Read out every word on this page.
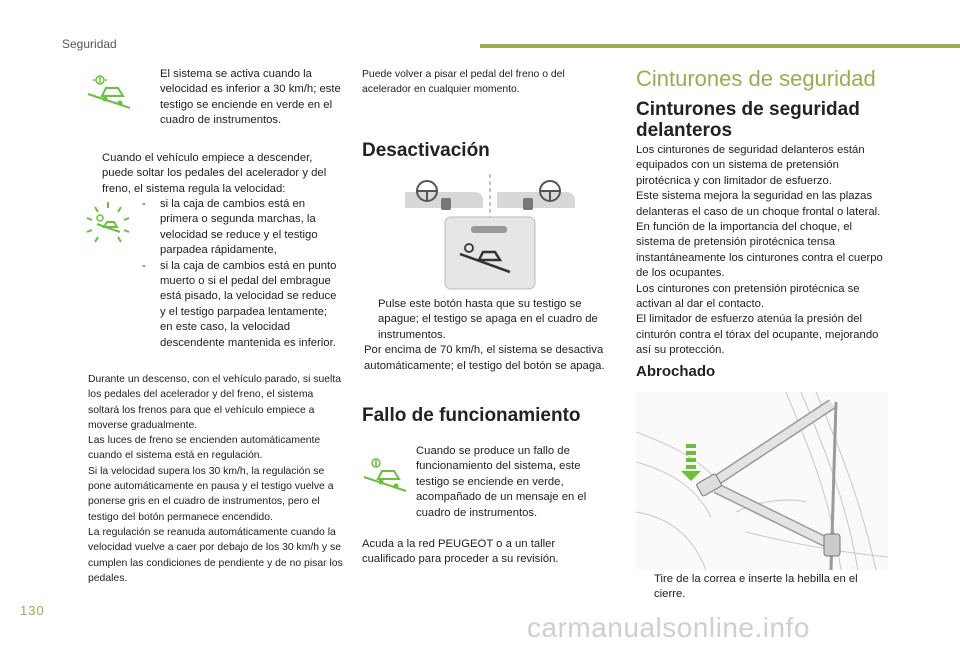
Seguridad

El sistema se activa cuando la velocidad es inferior a 30 km/h; este testigo se enciende en verde en el cuadro de instrumentos.

Cuando el vehículo empiece a descender, puede soltar los pedales del acelerador y del freno, el sistema regula la velocidad:

-	si la caja de cambios está en primera o segunda marchas, la velocidad se reduce y el testigo parpadea rápidamente,

-	si la caja de cambios está en punto muerto o si el pedal del embrague está pisado, la velocidad se reduce y el testigo parpadea lentamente; en este caso, la velocidad descendente mantenida es inferior.

Durante un descenso, con el vehículo parado, si suelta los pedales del acelerador y del freno, el sistema soltará los frenos para que el vehículo empiece a moverse gradualmente.

Las luces de freno se encienden automáticamente cuando el sistema está en regulación.

Si la velocidad supera los 30 km/h, la regulación se pone automáticamente en pausa y el testigo vuelve a ponerse gris en el cuadro de instrumentos, pero el testigo del botón permanece encendido.

La regulación se reanuda automáticamente cuando la velocidad vuelve a caer por debajo de los 30 km/h y se cumplen las condiciones de pendiente y de no pisar los pedales.

Puede volver a pisar el pedal del freno o del acelerador en cualquier momento.
Desactivación

Pulse este botón hasta que su testigo se apague; el testigo se apaga en el cuadro de instrumentos.

Por encima de 70 km/h, el sistema se desactiva automáticamente; el testigo del botón se apaga.

Fallo de funcionamiento
Cuando se produce un fallo de funcionamiento del sistema, este testigo se enciende en verde, acompañado de un mensaje en el cuadro de instrumentos.
Acuda a la red PEUGEOT o a un taller cualificado para proceder a su revisión.
Cinturones de seguridad
Cinturones de seguridad delanteros

Los cinturones de seguridad delanteros están equipados con un sistema de pretensión pirotécnica y con limitador de esfuerzo.

Este sistema mejora la seguridad en las plazas delanteras el caso de un choque frontal o lateral. En función de la importancia del choque, el sistema de pretensión pirotécnica tensa instantáneamente los cinturones contra el cuerpo de los ocupantes.

Los cinturones con pretensión pirotécnica se activan al dar el contacto.

El limitador de esfuerzo atenúa la presión del cinturón contra el tórax del ocupante, mejorando así su protección.

Abrochado

Tire de la correa e inserte la hebilla en el cierre.

130
carmanualsonline.info
